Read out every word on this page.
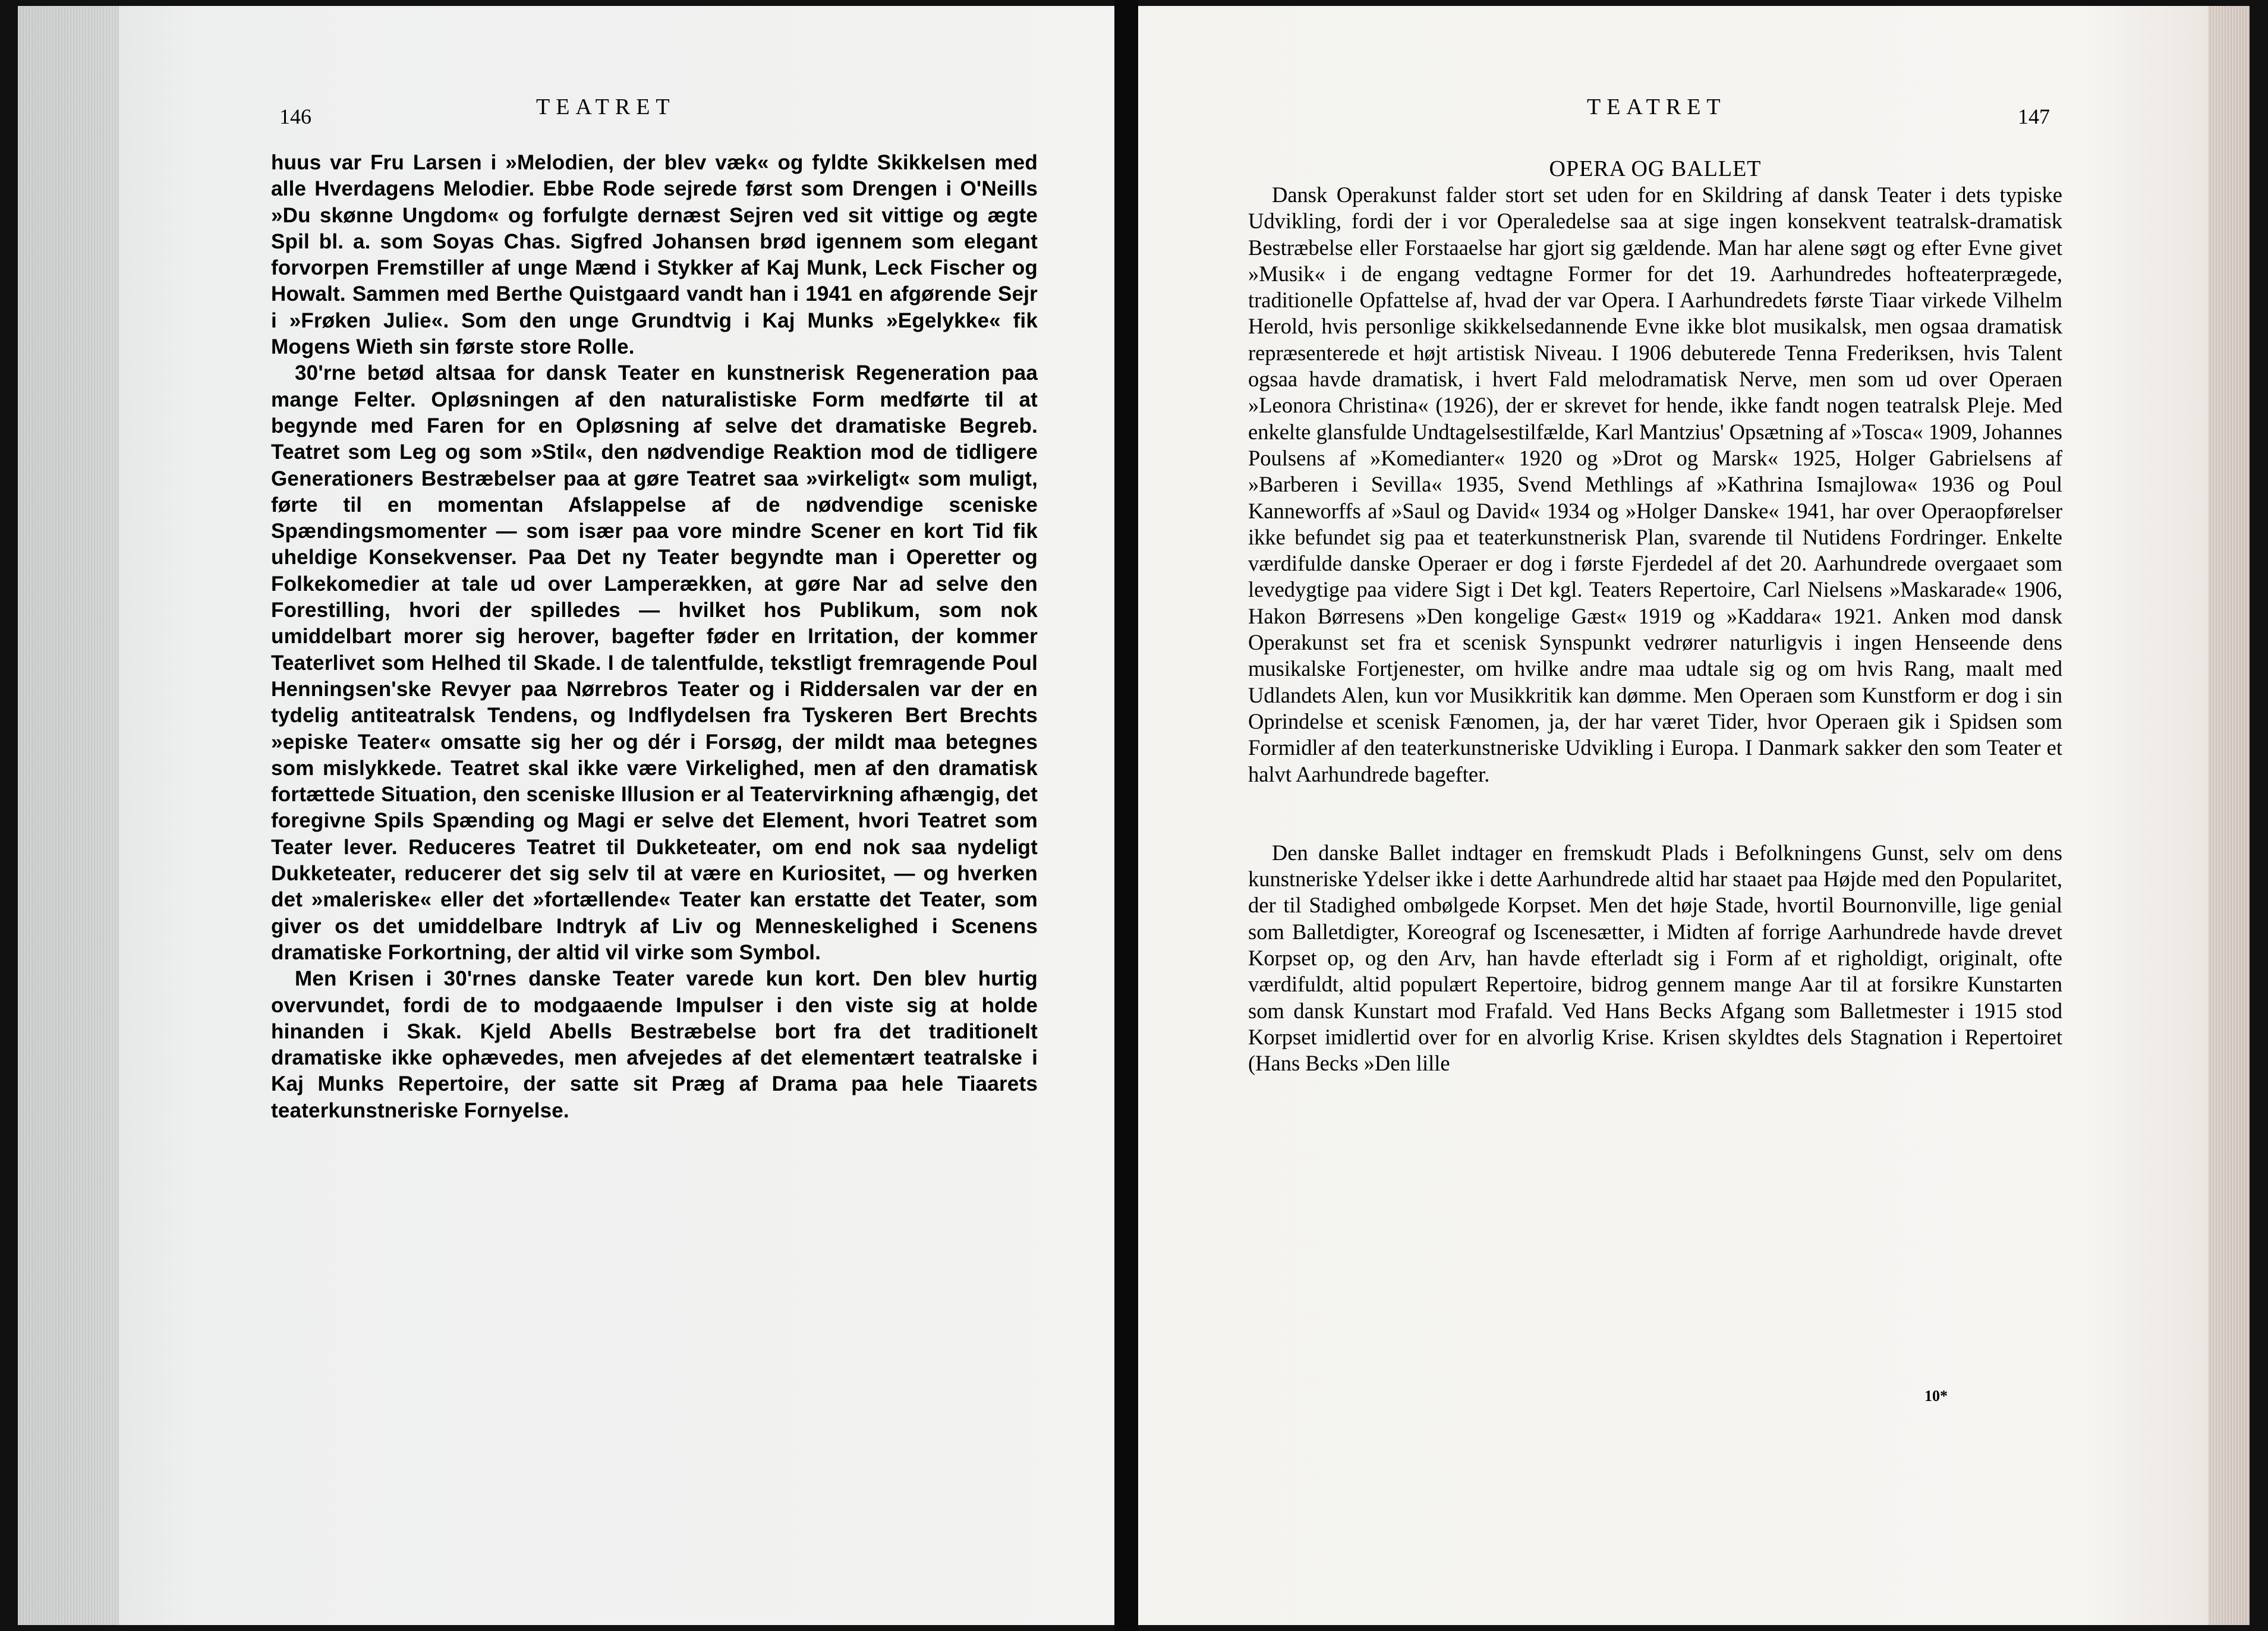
146	TEATRET

huus var Fru Larsen i »Melodien, der blev væk« og fyldte Skikkelsen med alle Hverdagens Melodier. Ebbe Rode sejrede først som Drengen i O'Neills »Du skønne Ungdom« og forfulgte dernæst Sejren ved sit vittige og ægte Spil bl. a. som Soyas Chas. Sigfred Johansen brød igennem som elegant forvorpen Fremstiller af unge Mænd i Stykker af Kaj Munk, Leck Fischer og Howalt. Sammen med Berthe Quistgaard vandt han i 1941 en afgørende Sejr i »Frøken Julie«. Som den unge Grundtvig i Kaj Munks »Egelykke« fik Mogens Wieth sin første store Rolle.

30'rne betød altsaa for dansk Teater en kunstnerisk Regeneration paa mange Felter. Opløsningen af den naturalistiske Form medførte til at begynde med Faren for en Opløsning af selve det dramatiske Begreb. Teatret som Leg og som »Stil«, den nødvendige Reaktion mod de tidligere Generationers Bestræbelser paa at gøre Teatret saa »virkeligt« som muligt, førte til en momentan Afslappelse af de nødvendige sceniske Spændingsmomenter — som især paa vore mindre Scener en kort Tid fik uheldige Konsekvenser. Paa Det ny Teater begyndte man i Operetter og Folkekomedier at tale ud over Lamperækken, at gøre Nar ad selve den Forestilling, hvori der spilledes — hvilket hos Publikum, som nok umiddelbart morer sig herover, bagefter føder en Irritation, der kommer Teaterlivet som Helhed til Skade. I de talentfulde, tekstligt fremragende Poul Henningsen'ske Revyer paa Nørrebros Teater og i Riddersalen var der en tydelig antiteatralsk Tendens, og Indflydelsen fra Tyskeren Bert Brechts »episke Teater« omsatte sig her og dér i Forsøg, der mildt maa betegnes som mislykkede. Teatret skal ikke være Virkelighed, men af den dramatisk fortættede Situation, den sceniske Illusion er al Teatervirkning afhængig, det foregivne Spils Spænding og Magi er selve det Element, hvori Teatret som Teater lever. Reduceres Teatret til Dukketeater, om end nok saa nydeligt Dukketeater, reducerer det sig selv til at være en Kuriositet, — og hverken det »maleriske« eller det »fortællende« Teater kan erstatte det Teater, som giver os det umiddelbare Indtryk af Liv og Menneskelighed i Scenens dramatiske Forkortning, der altid vil virke som Symbol.

Men Krisen i 30'rnes danske Teater varede kun kort. Den blev hurtig overvundet, fordi de to modgaaende Impulser i den viste sig at holde hinanden i Skak. Kjeld Abells Bestræbelse bort fra det traditionelt dramatiske ikke ophævedes, men afvejedes af det elementært teatralske i Kaj Munks Repertoire, der satte sit Præg af Drama paa hele Tiaarets teaterkunstneriske Fornyelse.

TEATRET	147
OPERA OG BALLET

Dansk Operakunst falder stort set uden for en Skildring af dansk Teater i dets typiske Udvikling, fordi der i vor Operaledelse saa at sige ingen konsekvent teatralsk-dramatisk Bestræbelse eller Forstaaelse har gjort sig gældende. Man har alene søgt og efter Evne givet »Musik« i de engang vedtagne Former for det 19. Aarhundredes hofteaterprægede, traditionelle Opfattelse af, hvad der var Opera. I Aarhundredets første Tiaar virkede Vilhelm Herold, hvis personlige skikkelsedannende Evne ikke blot musikalsk, men ogsaa dramatisk repræsenterede et højt artistisk Niveau. I 1906 debuterede Tenna Frederiksen, hvis Talent ogsaa havde dramatisk, i hvert Fald melodramatisk Nerve, men som ud over Operaen »Leonora Christina« (1926), der er skrevet for hende, ikke fandt nogen teatralsk Pleje. Med enkelte glansfulde Undtagelsestilfælde, Karl Mantzius' Opsætning af »Tosca« 1909, Johannes Poulsens af »Komedianter« 1920 og »Drot og Marsk« 1925, Holger Gabrielsens af »Barberen i Sevilla« 1935, Svend Methlings af »Kathrina Ismajlowa« 1936 og Poul Kanneworffs af »Saul og David« 1934 og »Holger Danske« 1941, har over Operaopførelser ikke befundet sig paa et teaterkunstnerisk Plan, svarende til Nutidens Fordringer. Enkelte værdifulde danske Operaer er dog i første Fjerdedel af det 20. Aarhundrede overgaaet som levedygtige paa videre Sigt i Det kgl. Teaters Repertoire, Carl Nielsens »Maskarade« 1906, Hakon Børresens »Den kongelige Gæst« 1919 og »Kaddara« 1921. Anken mod dansk Operakunst set fra et scenisk Synspunkt vedrører naturligvis i ingen Henseende dens musikalske Fortjenester, om hvilke andre maa udtale sig og om hvis Rang, maalt med Udlandets Alen, kun vor Musikkritik kan dømme. Men Operaen som Kunstform er dog i sin Oprindelse et scenisk Fænomen, ja, der har været Tider, hvor Operaen gik i Spidsen som Formidler af den teaterkunstneriske Udvikling i Europa. I Danmark sakker den som Teater et halvt Aarhundrede bagefter.

Den danske Ballet indtager en fremskudt Plads i Befolkningens Gunst, selv om dens kunstneriske Ydelser ikke i dette Aarhundrede altid har staaet paa Højde med den Popularitet, der til Stadighed ombølgede Korpset. Men det høje Stade, hvortil Bournonville, lige genial som Balletdigter, Koreograf og Iscenesætter, i Midten af forrige Aarhundrede havde drevet Korpset op, og den Arv, han havde efterladt sig i Form af et righoldigt, originalt, ofte værdifuldt, altid populært Repertoire, bidrog gennem mange Aar til at forsikre Kunstarten som dansk Kunstart mod Frafald. Ved Hans Becks Afgang som Balletmester i 1915 stod Korpset imidlertid over for en alvorlig Krise. Krisen skyldtes dels Stagnation i Repertoiret (Hans Becks »Den lille

10*
